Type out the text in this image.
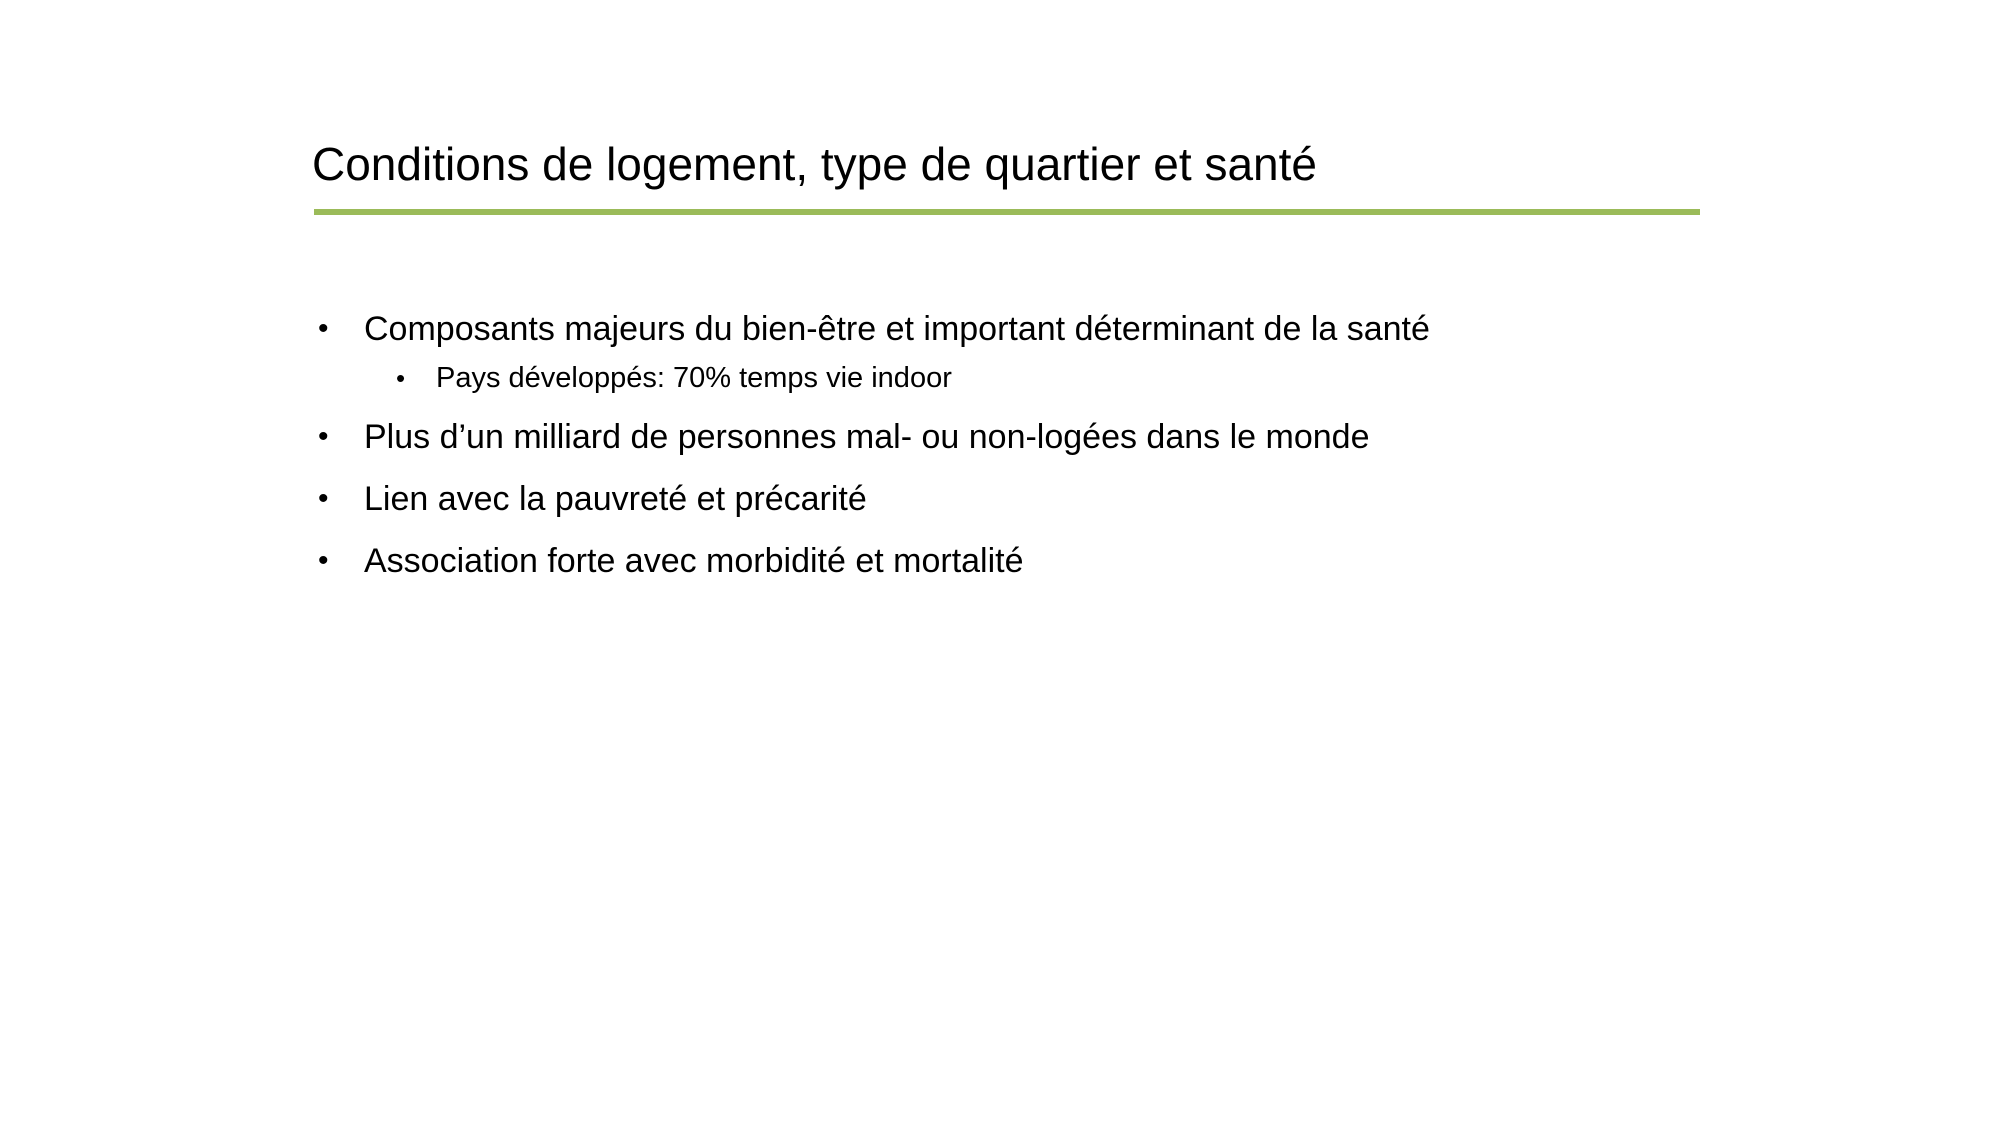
Conditions de logement, type de quartier et santé
•	Composants majeurs du bien-être et important déterminant de la santé
•	Pays développés: 70% temps vie indoor
•	Plus d’un milliard de personnes mal- ou non-logées dans le monde
•	Lien avec la pauvreté et précarité
•	Association forte avec morbidité et mortalité
